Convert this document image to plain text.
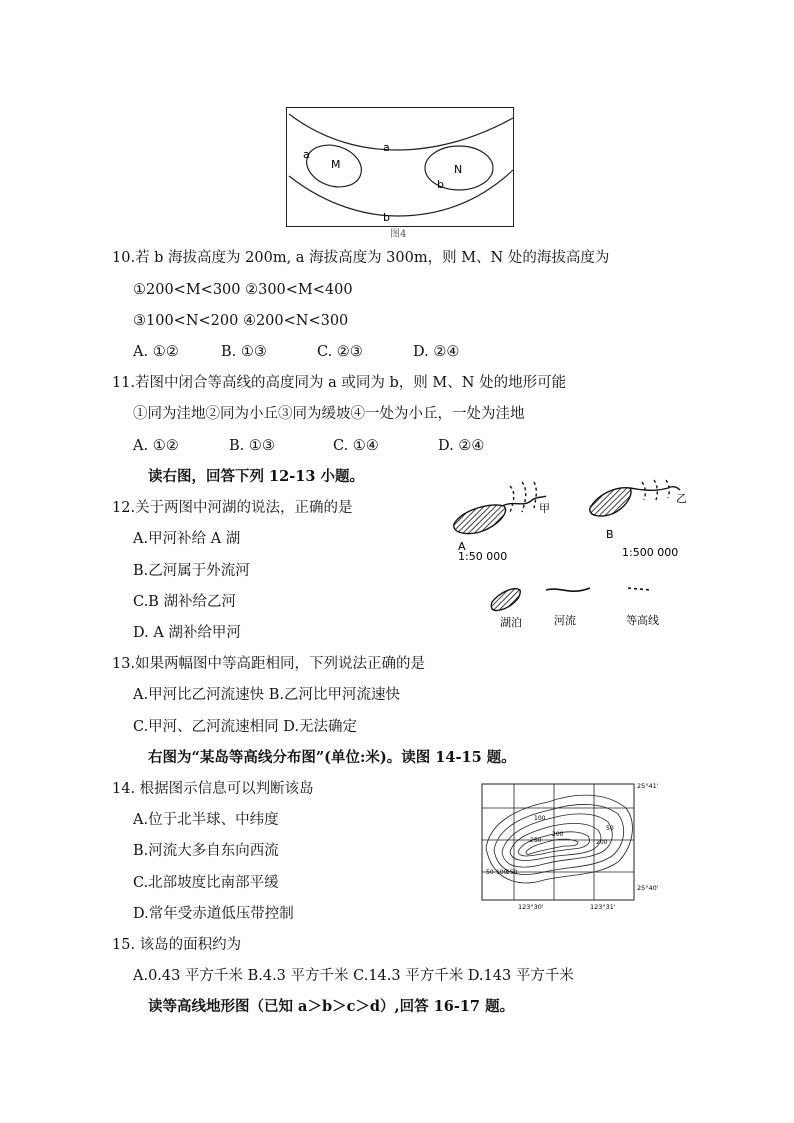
a
a
M	N
b
b
图4
10.若 b 海拔高度为 200m, a 海拔高度为 300m，则 M、N 处的海拔高度为
①200<M<300 ②300<M<400
③100<N<200 ④200<N<300
A. ①②	B. ①③	C. ②③	D. ②④
11.若图中闭合等高线的高度同为 a 或同为 b，则 M、N 处的地形可能
①同为洼地②同为小丘③同为缓坡④一处为小丘，一处为洼地
A. ①②	B. ①③	C. ①④	D. ②④
读右图，回答下列 12-13 小题。
甲
A
1:50 000
乙
B
1:500 000
湖泊	河流	等高线
12.关于两图中河湖的说法，正确的是
A.甲河补给 A 湖
B.乙河属于外流河
C.B 湖补给乙河
D. A 湖补给甲河
13.如果两幅图中等高距相同，下列说法正确的是
A.甲河比乙河流速快 B.乙河比甲河流速快
C.甲河、乙河流速相同 D.无法确定
右图为“某岛等高线分布图”(单位:米)。读图 14-15 题。
100
50
200
250
50 100
150
200
25°41'
25°40'
123°30'	123°31'
14. 根据图示信息可以判断该岛
A.位于北半球、中纬度
B.河流大多自东向西流
C.北部坡度比南部平缓
D.常年受赤道低压带控制
15. 该岛的面积约为
A.0.43 平方千米 B.4.3 平方千米 C.14.3 平方千米 D.143 平方千米
读等高线地形图（已知 a＞b＞c＞d）,回答 16-17 题。
